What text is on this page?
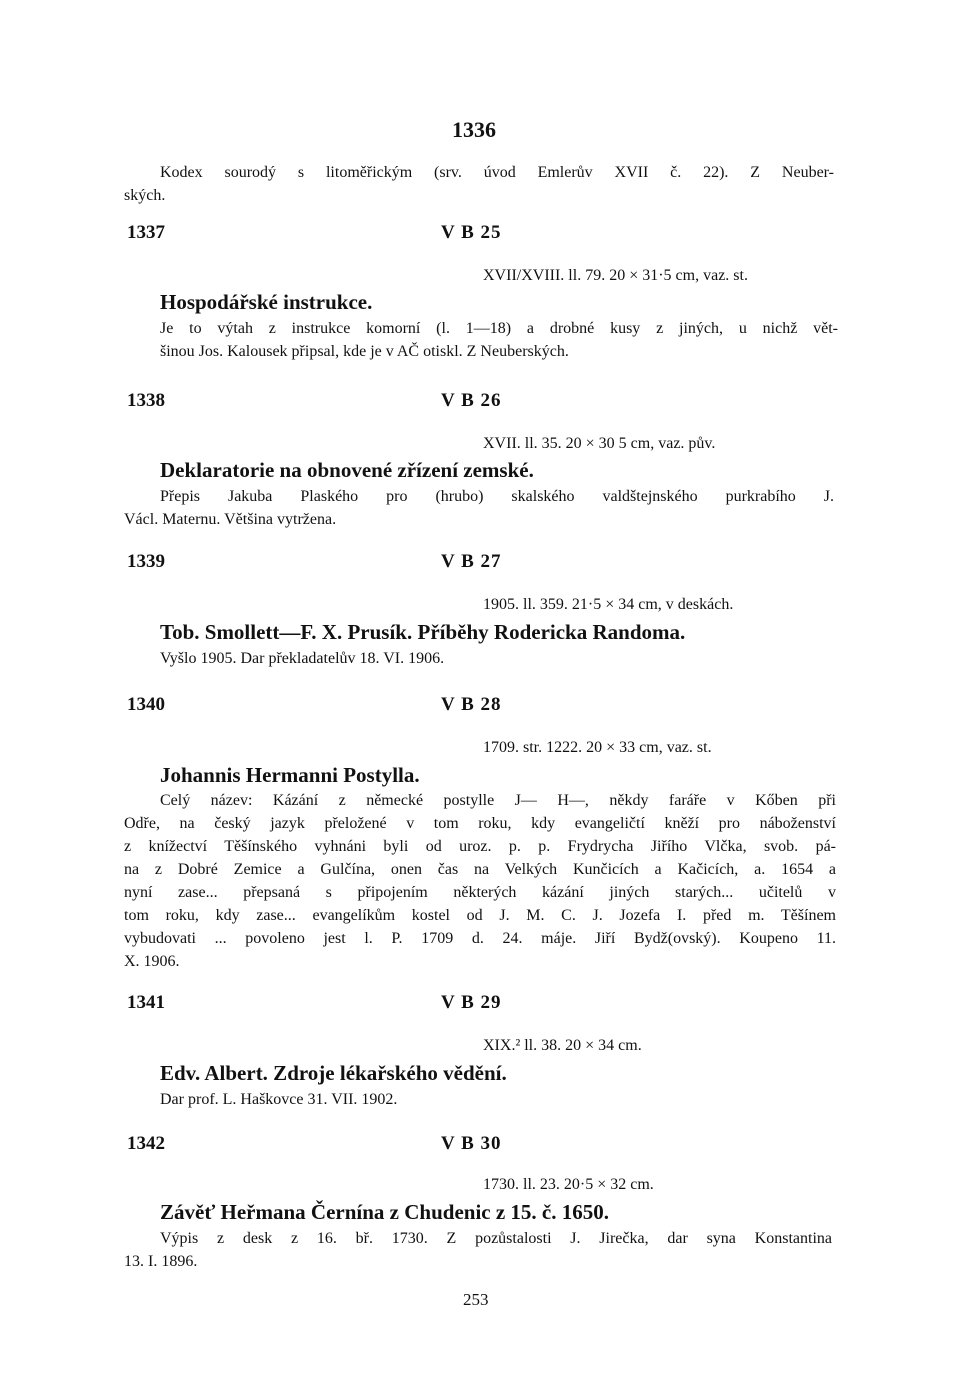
1336
Kodex sourodý s litoměřickým (srv. úvod Emlerův XVII č. 22). Z Neuber-
ských.
1337	V B 25
XVII/XVIII. ll. 79. 20 × 31·5 cm, vaz. st.
Hospodářské instrukce.
Je to výtah z instrukce komorní (l. 1—18) a drobné kusy z jiných, u nichž vět-
šinou Jos. Kalousek připsal, kde je v AČ otiskl. Z Neuberských.
1338	V B 26
XVII. ll. 35. 20 × 30 5 cm, vaz. pův.
Deklaratorie na obnovené zřízení zemské.
Přepis Jakuba Plaského pro (hrubo) skalského valdštejnského purkrabího J.
Václ. Maternu. Většina vytržena.
1339	V B 27
1905. ll. 359. 21·5 × 34 cm, v deskách.
Tob. Smollett—F. X. Prusík. Příběhy Rodericka Randoma.
Vyšlo 1905. Dar překladatelův 18. VI. 1906.
1340	V B 28
1709. str. 1222. 20 × 33 cm, vaz. st.
Johannis Hermanni Postylla.
Celý název: Kázání z německé postylle J— H—, někdy faráře v Kőben při
Odře, na český jazyk přeložené v tom roku, kdy evangeličtí kněží pro náboženství
z knížectví Těšínského vyhnáni byli od uroz. p. p. Frydrycha Jiřího Vlčka, svob. pá-
na z Dobré Zemice a Gulčína, onen čas na Velkých Kunčicích a Kačicích, a. 1654 a
nyní zase... přepsaná s připojením některých kázání jiných starých... učitelů v
tom roku, kdy zase... evangelíkům kostel od J. M. C. J. Jozefa I. před m. Těšínem
vybudovati ... povoleno jest l. P. 1709 d. 24. máje. Jiří Bydž(ovský). Koupeno 11.
X. 1906.
1341	V B 29
XIX.² ll. 38. 20 × 34 cm.
Edv. Albert. Zdroje lékařského vědění.
Dar prof. L. Haškovce 31. VII. 1902.
1342	V B 30
1730. ll. 23. 20·5 × 32 cm.
Závěť Heřmana Černína z Chudenic z 15. č. 1650.
Výpis z desk z 16. bř. 1730. Z pozůstalosti J. Jirečka, dar syna Konstantina
13. I. 1896.
253
